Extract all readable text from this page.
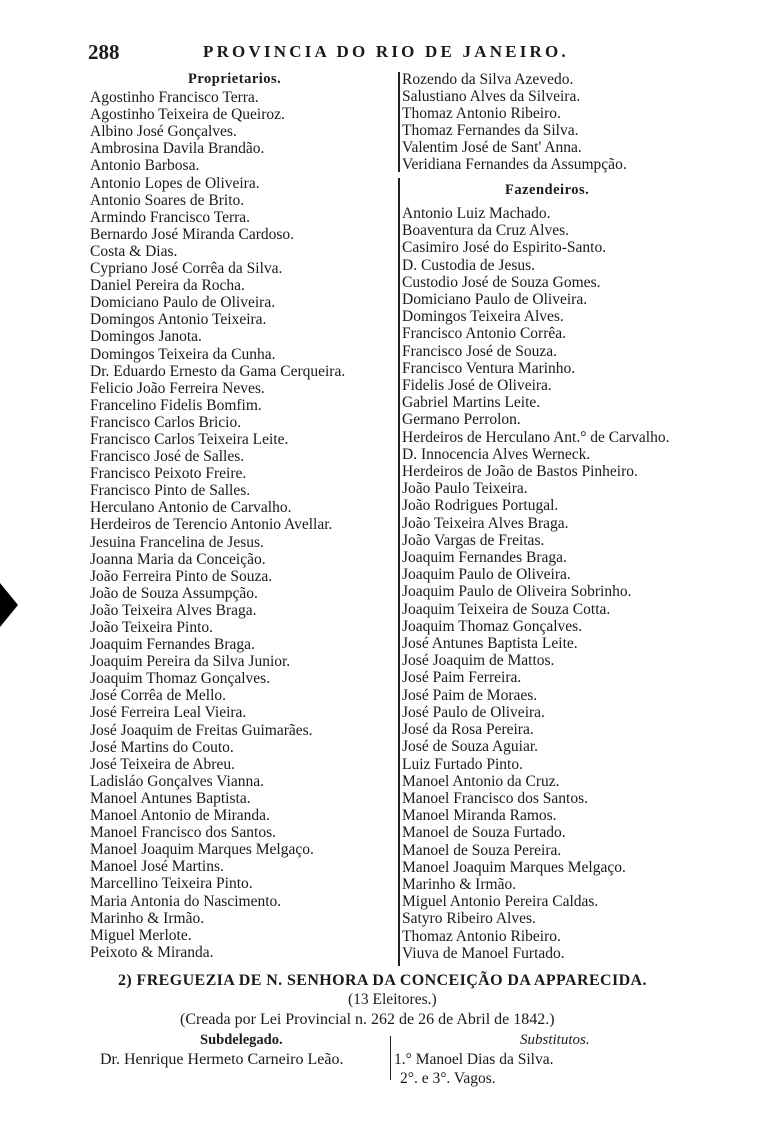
288	PROVINCIA DO RIO DE JANEIRO.
Proprietarios.
Agostinho Francisco Terra.
Agostinho Teixeira de Queiroz.
Albino José Gonçalves.
Ambrosina Davila Brandão.
Antonio Barbosa.
Antonio Lopes de Oliveira.
Antonio Soares de Brito.
Armindo Francisco Terra.
Bernardo José Miranda Cardoso.
Costa & Dias.
Cypriano José Corrêa da Silva.
Daniel Pereira da Rocha.
Domiciano Paulo de Oliveira.
Domingos Antonio Teixeira.
Domingos Janota.
Domingos Teixeira da Cunha.
Dr. Eduardo Ernesto da Gama Cerqueira.
Felicio João Ferreira Neves.
Francelino Fidelis Bomfim.
Francisco Carlos Bricio.
Francisco Carlos Teixeira Leite.
Francisco José de Salles.
Francisco Peixoto Freire.
Francisco Pinto de Salles.
Herculano Antonio de Carvalho.
Herdeiros de Terencio Antonio Avellar.
Jesuina Francelina de Jesus.
Joanna Maria da Conceição.
João Ferreira Pinto de Souza.
João de Souza Assumpção.
João Teixeira Alves Braga.
João Teixeira Pinto.
Joaquim Fernandes Braga.
Joaquim Pereira da Silva Junior.
Joaquim Thomaz Gonçalves.
José Corrêa de Mello.
José Ferreira Leal Vieira.
José Joaquim de Freitas Guimarães.
José Martins do Couto.
José Teixeira de Abreu.
Ladisláo Gonçalves Vianna.
Manoel Antunes Baptista.
Manoel Antonio de Miranda.
Manoel Francisco dos Santos.
Manoel Joaquim Marques Melgaço.
Manoel José Martins.
Marcellino Teixeira Pinto.
Maria Antonia do Nascimento.
Marinho & Irmão.
Miguel Merlote.
Peixoto & Miranda.
Rozendo da Silva Azevedo.
Salustiano Alves da Silveira.
Thomaz Antonio Ribeiro.
Thomaz Fernandes da Silva.
Valentim José de Sant' Anna.
Veridiana Fernandes da Assumpção.
Fazendeiros.
Antonio Luiz Machado.
Boaventura da Cruz Alves.
Casimiro José do Espirito-Santo.
D. Custodia de Jesus.
Custodio José de Souza Gomes.
Domiciano Paulo de Oliveira.
Domingos Teixeira Alves.
Francisco Antonio Corrêa.
Francisco José de Souza.
Francisco Ventura Marinho.
Fidelis José de Oliveira.
Gabriel Martins Leite.
Germano Perrolon.
Herdeiros de Herculano Ant.° de Carvalho.
D. Innocencia Alves Werneck.
Herdeiros de João de Bastos Pinheiro.
João Paulo Teixeira.
João Rodrigues Portugal.
João Teixeira Alves Braga.
João Vargas de Freitas.
Joaquim Fernandes Braga.
Joaquim Paulo de Oliveira.
Joaquim Paulo de Oliveira Sobrinho.
Joaquim Teixeira de Souza Cotta.
Joaquim Thomaz Gonçalves.
José Antunes Baptista Leite.
José Joaquim de Mattos.
José Paim Ferreira.
José Paim de Moraes.
José Paulo de Oliveira.
José da Rosa Pereira.
José de Souza Aguiar.
Luiz Furtado Pinto.
Manoel Antonio da Cruz.
Manoel Francisco dos Santos.
Manoel Miranda Ramos.
Manoel de Souza Furtado.
Manoel de Souza Pereira.
Manoel Joaquim Marques Melgaço.
Marinho & Irmão.
Miguel Antonio Pereira Caldas.
Satyro Ribeiro Alves.
Thomaz Antonio Ribeiro.
Viuva de Manoel Furtado.
2) FREGUEZIA DE N. SENHORA DA CONCEIÇÃO DA APPARECIDA.
(13 Eleitores.)
(Creada por Lei Provincial n. 262 de 26 de Abril de 1842.)
Subdelegado.	Substitutos.
Dr. Henrique Hermeto Carneiro Leão.	1.° Manoel Dias da Silva.
2°. e 3°. Vagos.
